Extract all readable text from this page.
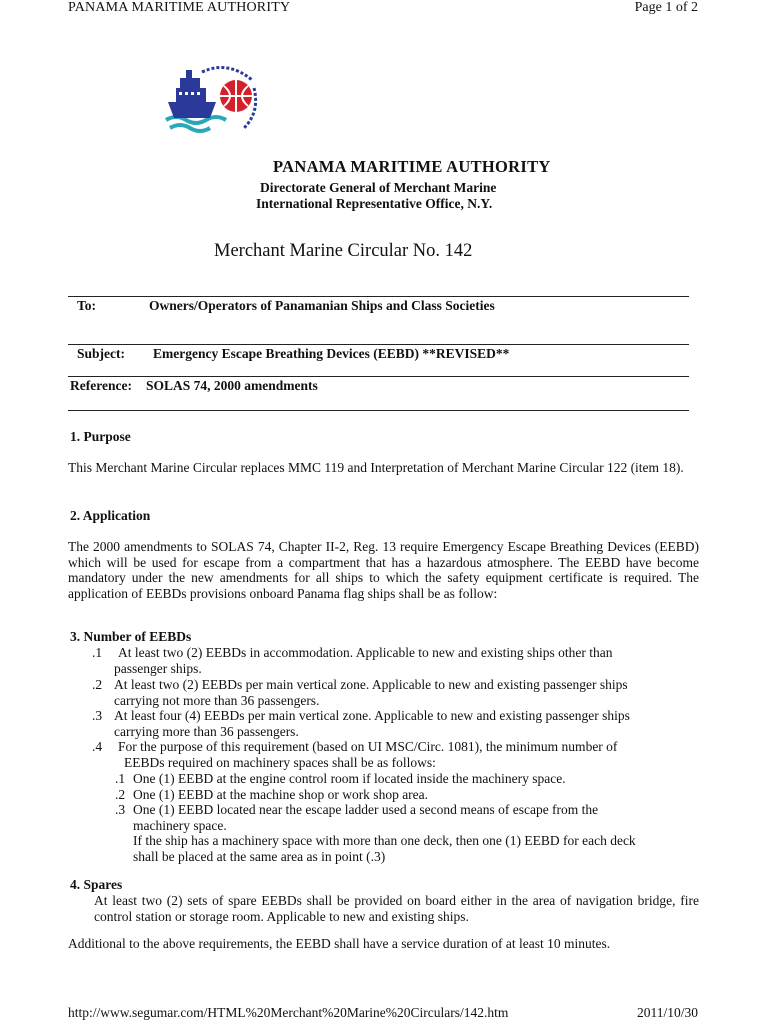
PANAMA MARITIME AUTHORITY	Page 1 of 2
PANAMA MARITIME AUTHORITY
Directorate General of Merchant Marine
International Representative Office, N.Y.
Merchant Marine Circular No. 142
To:	Owners/Operators of Panamanian Ships and Class Societies
Subject: Emergency Escape Breathing Devices (EEBD) **REVISED**
Reference: SOLAS 74, 2000 amendments
1. Purpose
This Merchant Marine Circular replaces MMC 119 and Interpretation of Merchant Marine Circular 122 (item 18).
2. Application
The 2000 amendments to SOLAS 74, Chapter II-2, Reg. 13 require Emergency Escape Breathing Devices (EEBD) which will be used for escape from a compartment that has a hazardous atmosphere. The EEBD have become mandatory under the new amendments for all ships to which the safety equipment certificate is required. The application of EEBDs provisions onboard Panama flag ships shall be as follow:
3. Number of EEBDs
.1 At least two (2) EEBDs in accommodation. Applicable to new and existing ships other than
passenger ships.
.2 At least two (2) EEBDs per main vertical zone. Applicable to new and existing passenger ships
carrying not more than 36 passengers.
.3 At least four (4) EEBDs per main vertical zone. Applicable to new and existing passenger ships
carrying more than 36 passengers.
.4 For the purpose of this requirement (based on UI MSC/Circ. 1081), the minimum number of
EEBDs required on machinery spaces shall be as follows:
.1 One (1) EEBD at the engine control room if located inside the machinery space.
.2 One (1) EEBD at the machine shop or work shop area.
.3 One (1) EEBD located near the escape ladder used a second means of escape from the
machinery space.
If the ship has a machinery space with more than one deck, then one (1) EEBD for each deck
shall be placed at the same area as in point (.3)
4. Spares
At least two (2) sets of spare EEBDs shall be provided on board either in the area of navigation bridge, fire control station or storage room. Applicable to new and existing ships.
Additional to the above requirements, the EEBD shall have a service duration of at least 10 minutes.
http://www.segumar.com/HTML%20Merchant%20Marine%20Circulars/142.htm	2011/10/30
